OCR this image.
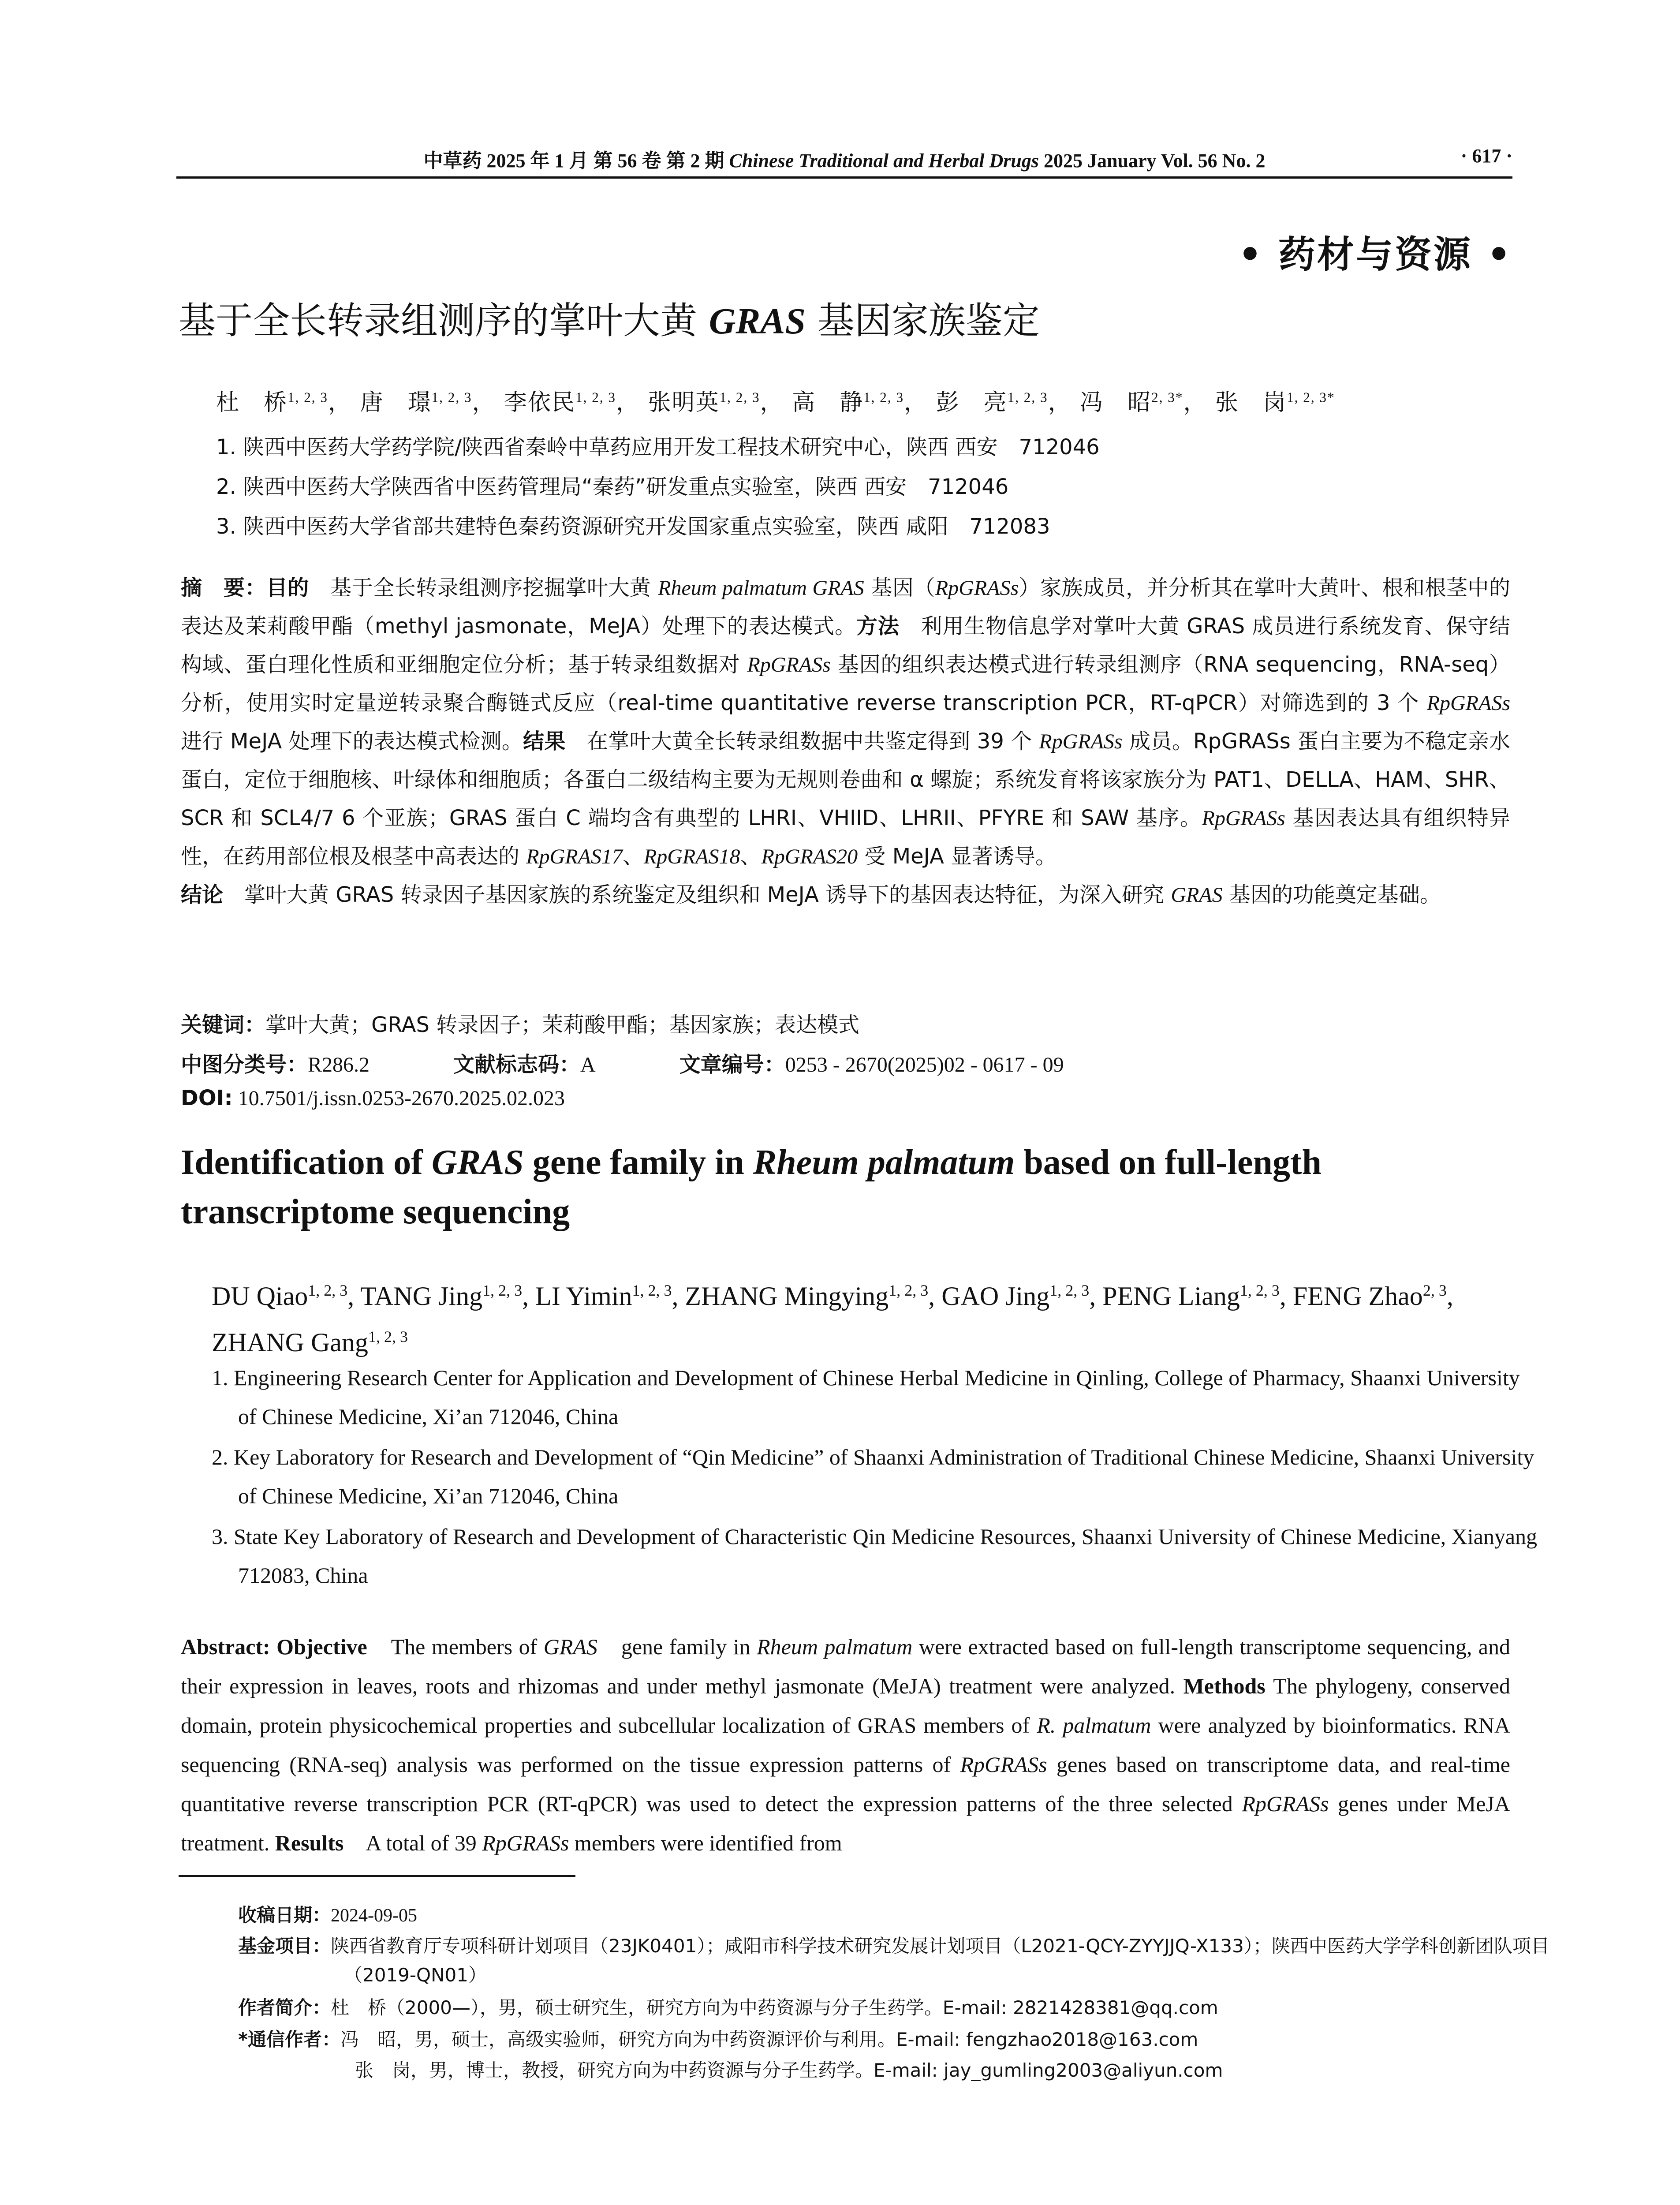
中草药 2025 年 1 月 第 56 卷 第 2 期 Chinese Traditional and Herbal Drugs 2025 January Vol. 56 No. 2	· 617 ·
• 药材与资源 •
基于全长转录组测序的掌叶大黄 GRAS 基因家族鉴定
杜　桥$^{1, 2, 3}$， 唐　璟$^{1, 2, 3}$， 李依民$^{1, 2, 3}$， 张明英$^{1, 2, 3}$， 高　静$^{1, 2, 3}$， 彭　亮$^{1, 2, 3}$， 冯　昭$^{2, 3*}$， 张　岗$^{1, 2, 3*}$
1. 陕西中医药大学药学院/陕西省秦岭中草药应用开发工程技术研究中心，陕西 西安　712046
2. 陕西中医药大学陕西省中医药管理局“秦药”研发重点实验室，陕西 西安　712046
3. 陕西中医药大学省部共建特色秦药资源研究开发国家重点实验室，陕西 咸阳　712083

摘　要：目的　基于全长转录组测序挖掘掌叶大黄 Rheum palmatum GRAS 基因（RpGRASs）家族成员，并分析其在掌叶大黄叶、根和根茎中的表达及茉莉酸甲酯（methyl jasmonate，MeJA）处理下的表达模式。方法　利用生物信息学对掌叶大黄 GRAS 成员进行系统发育、保守结构域、蛋白理化性质和亚细胞定位分析；基于转录组数据对 RpGRASs 基因的组织表达模式进行转录组测序（RNA sequencing，RNA-seq）分析，使用实时定量逆转录聚合酶链式反应（real-time quantitative reverse transcription PCR，RT-qPCR）对筛选到的 3 个 RpGRASs 进行 MeJA 处理下的表达模式检测。结果　在掌叶大黄全长转录组数据中共鉴定得到 39 个 RpGRASs 成员。RpGRASs 蛋白主要为不稳定亲水蛋白，定位于细胞核、叶绿体和细胞质；各蛋白二级结构主要为无规则卷曲和 α 螺旋；系统发育将该家族分为 PAT1、DELLA、HAM、SHR、SCR 和 SCL4/7 6 个亚族；GRAS 蛋白 C 端均含有典型的 LHRI、VHIID、LHRII、PFYRE 和 SAW 基序。RpGRASs 基因表达具有组织特异性，在药用部位根及根茎中高表达的 RpGRAS17、RpGRAS18、RpGRAS20 受 MeJA 显著诱导。
结论　掌叶大黄 GRAS 转录因子基因家族的系统鉴定及组织和 MeJA 诱导下的基因表达特征，为深入研究 GRAS 基因的功能奠定基础。

关键词：掌叶大黄；GRAS 转录因子；茉莉酸甲酯；基因家族；表达模式
中图分类号：R286.2	文献标志码：A	文章编号：0253 - 2670(2025)02 - 0617 - 09
DOI: 10.7501/j.issn.0253-2670.2025.02.023

Identification of GRAS gene family in Rheum palmatum based on full-length transcriptome sequencing

DU Qiao$^{1, 2, 3}$, TANG Jing$^{1, 2, 3}$, LI Yimin$^{1, 2, 3}$, ZHANG Mingying$^{1, 2, 3}$, GAO Jing$^{1, 2, 3}$, PENG Liang$^{1, 2, 3}$, FENG Zhao$^{2, 3}$, ZHANG Gang$^{1, 2, 3}$

1. Engineering Research Center for Application and Development of Chinese Herbal Medicine in Qinling, College of Pharmacy, Shaanxi University of Chinese Medicine, Xi’an 712046, China

2. Key Laboratory for Research and Development of “Qin Medicine” of Shaanxi Administration of Traditional Chinese Medicine, Shaanxi University of Chinese Medicine, Xi’an 712046, China

3. State Key Laboratory of Research and Development of Characteristic Qin Medicine Resources, Shaanxi University of Chinese Medicine, Xianyang 712083, China

Abstract: Objective　The members of GRAS　gene family in Rheum palmatum were extracted based on full-length transcriptome sequencing, and their expression in leaves, roots and rhizomas and under methyl jasmonate (MeJA) treatment were analyzed. Methods The phylogeny, conserved domain, protein physicochemical properties and subcellular localization of GRAS members of R. palmatum were analyzed by bioinformatics. RNA sequencing (RNA-seq) analysis was performed on the tissue expression patterns of RpGRASs genes based on transcriptome data, and real-time quantitative reverse transcription PCR (RT-qPCR) was used to detect the expression patterns of the three selected RpGRASs genes under MeJA treatment. Results　A total of 39 RpGRASs members were identified from

收稿日期：2024-09-05

基金项目：陕西省教育厅专项科研计划项目（23JK0401）；咸阳市科学技术研究发展计划项目（L2021-QCY-ZYYJJQ-X133）；陕西中医药大学学科创新团队项目（2019-QN01）

作者简介：杜　桥（2000—），男，硕士研究生，研究方向为中药资源与分子生药学。E-mail: 2821428381@qq.com
*通信作者：冯　昭，男，硕士，高级实验师，研究方向为中药资源评价与利用。E-mail: fengzhao2018@163.com
张　岗，男，博士，教授，研究方向为中药资源与分子生药学。E-mail: jay_gumling2003@aliyun.com
